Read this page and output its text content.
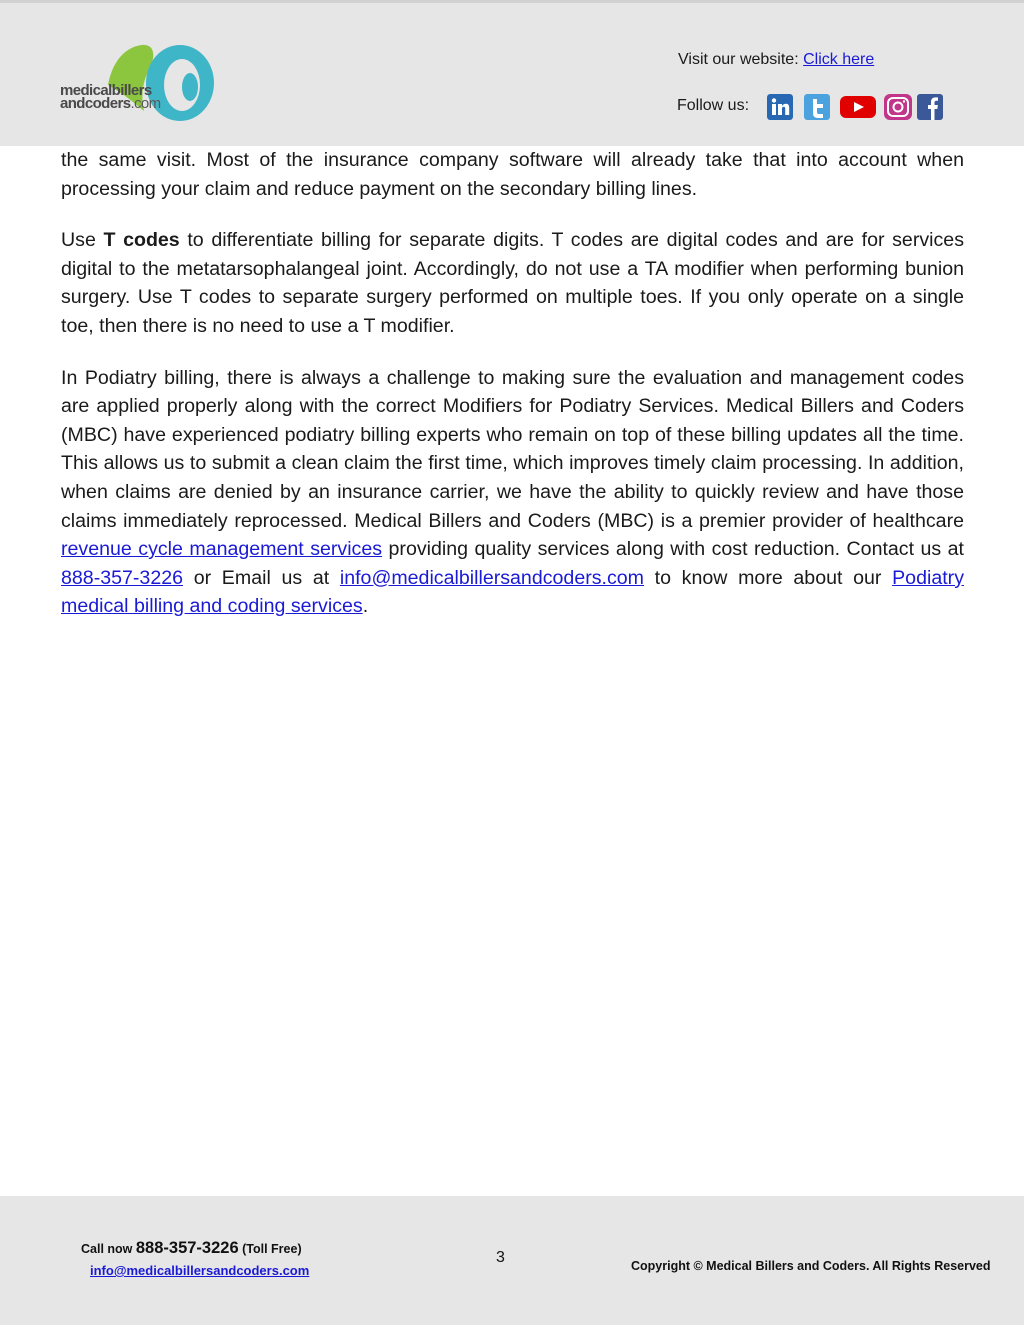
medicalbillers
andcoders.com
Visit our website: Click here
Follow us:

the same visit. Most of the insurance company software will already take that into account when processing your claim and reduce payment on the secondary billing lines.

Use T codes to differentiate billing for separate digits. T codes are digital codes and are for services digital to the metatarsophalangeal joint. Accordingly, do not use a TA modifier when performing bunion surgery. Use T codes to separate surgery performed on multiple toes. If you only operate on a single toe, then there is no need to use a T modifier.

In Podiatry billing, there is always a challenge to making sure the evaluation and management codes are applied properly along with the correct Modifiers for Podiatry Services. Medical Billers and Coders (MBC) have experienced podiatry billing experts who remain on top of these billing updates all the time. This allows us to submit a clean claim the first time, which improves timely claim processing. In addition, when claims are denied by an insurance carrier, we have the ability to quickly review and have those claims immediately reprocessed. Medical Billers and Coders (MBC) is a premier provider of healthcare revenue cycle management services providing quality services along with cost reduction. Contact us at 888-357-3226 or Email us at info@medicalbillersandcoders.com to know more about our Podiatry medical billing and coding services.

Call now 888-357-3226 (Toll Free)
info@medicalbillersandcoders.com
3	Copyright © Medical Billers and Coders. All Rights Reserved
